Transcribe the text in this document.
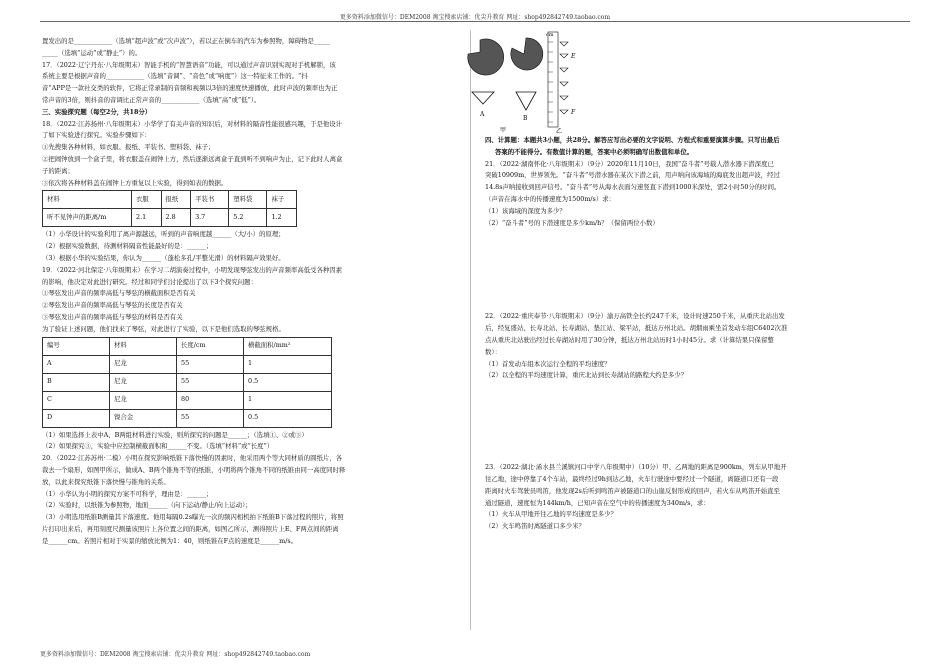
更多资料添加微信号：DEM2008 淘宝搜索店铺：优尖升教育 网址：shop492842749.taobao.com

置发出的是____________（选填“超声波”或“次声波”），若以正在倒车的汽车为参照物，障碍物是_____

_____（选填“运动”或“静止”）的。

17．（2022·辽宁丹东·八年级期末）智能手机的“智慧语音”功能，可以通过声音识别实现对手机解锁，该

系统主要是根据声音的____________（选填“音调”、“音色”或“响度”）这一特征来工作的。“抖

音”APP是一款社交类的软件，它将正常录制的音频和视频以3倍的速度快速播放，此时声波的频率也为正

常声音的3倍，则抖音的音调比正常声音的____________（选填“高”或“低”）。

三、实验探究题（每空2分，共18分）

18．（2022·江苏扬州·八年级期末）小华学了有关声音的知识后，对材料的隔音性能很感兴趣，于是他设计

了如下实验进行探究。实验步骤如下：

①先搜集各种材料，如衣服、报纸、平装书、塑料袋、袜子；

②把闹钟放到一个盒子里，将衣服盖在闹钟上方，然后逐渐远离盒子直到听不到响声为止，记下此时人离盒

子的距离；

③依次将各种材料盖在闹钟上方重复以上实验，得到如表的数据。

材料	衣服	报纸	平装书	塑料袋	袜子
听不见钟声的距离/m	2.1	2.8	3.7	5.2	1.2

（1）小华设计的实验利用了离声源越远，听到的声音响度越______（大/小）的原理；

（2）根据实验数据，待测材料隔音性能最好的是：______；

（3）根据小华的实验结果，你认为______（蓬松多孔/平整光滑）的材料隔声效果好。

19．（2022·河北保定·八年级期末）在学习二胡演奏过程中，小明发现琴弦发出的声音频率高低受各种因素

的影响，他决定对此进行研究。经过和同学们讨论提出了以下3个探究问题：

①琴弦发出声音的频率高低与琴弦的横截面积是否有关

②琴弦发出声音的频率高低与琴弦的长度是否有关

③琴弦发出声音的频率高低与琴弦的材料是否有关

为了验证上述问题，他们找来了琴弦，对此进行了实验，以下是他们选取的琴弦规格。

编号	材料	长度/cm	横截面积/mm²
A	尼龙	55	1
B	尼龙	55	0.5
C	尼龙	80	1
D	镍合金	55	0.5

（1）如果选择上表中A、B两组材料进行实验，则所探究的问题是______；（选填①、②或③）

（2）如果探究③，实验中应控制横截面积和______不变。（选填“材料”或“长度”）

20．（2022·江苏苏州·二模）小明在探究影响纸锥下落快慢的因素时，他采用两个等大同材质的圆纸片，各

裁去一个扇形，如图甲所示，做成A、B两个锥角不等的纸锥，小明将两个锥角不同的纸锥由同一高度同时释

放，以此来探究纸锥下落快慢与锥角的关系。

（1）小华认为小明的探究方案不可科学，理由是：______；

（2）实验时，以纸锥为参照物，地面______（向下运动/静止/向上运动）；

（3）小明选用纸锥B测量其下落速度。他用每隔0.2s曝光一次的频闪相机拍下纸锥B下落过程的照片，将照

片打印出来后，再用刻度尺测量该照片上各位置之间的距离，如图乙所示，测得照片上E、F两点间的距离

是______cm。若照片相对于实景的缩放比例为1：40，则纸锥在F点的速度是______m/s。

A
B
甲
cm
E
F
乙

四、计算题：本题共3小题，共28分。解答应写出必要的文字说明、方程式和重要演算步骤。只写出最后

答案的不能得分。有数值计算的题，答案中必须明确写出数值和单位。

21．（2022·湖南怀化·八年级期末）（9分）2020年11月10日，我国“奋斗者”号载人潜水器下潜深度已

突破10909m，世界领先。“奋斗者”号潜水器在某次下潜之前，用声呐向该海域的海底发出超声波，经过

14.8s声呐接收到回声信号。“奋斗者”号从海水表面匀速竖直下潜到1000米深处，需2小时50分的时间。

（声音在海水中的传播速度为1500m/s）求：

（1）该海域的深度为多少？

（2）“奋斗者”号的下潜速度是多少km/h？（保留两位小数）

22．（2022·重庆奉节·八年级期末）（9分）渝万高铁全长约247千米，设计时速250千米，从重庆北站出发

后，经复盛站、长寿北站、长寿湖站、垫江站、梁平站，抵达万州北站。胡烟雨乘坐首发动车组C6402次准

点从重庆北站驶出经过长寿湖站时用了30分钟，抵达万州北站历时1小时45分。求（计算结果只保留整

数）：

（1）首发动车组本次运行全程的平均速度？

（2）以全程的平均速度计算，重庆北站到长寿湖站的路程大约是多少？

23．（2022·湖北·浠水县兰溪镇河口中学八年级期中）（10分）甲、乙两地的距离是900km，列车从甲地开

往乙地，途中停靠了4个车站，最终经过9h到达乙地，火车行驶途中要经过一个隧道，离隧道口还有一段

距离时火车驾驶员鸣笛，他发现2s后听到鸣笛声被隧道口的山崖反射形成的回声，若火车从鸣笛开始直至

通过隧道，速度恒为144km/h，已知声音在空气中的传播速度为340m/s，求：

（1）火车从甲地开往乙地的平均速度是多少？

（2）火车鸣笛时离隧道口多少米？

更多资料添加微信号：DEM2008 淘宝搜索店铺：优尖升教育 网址：shop492842749.taobao.com
